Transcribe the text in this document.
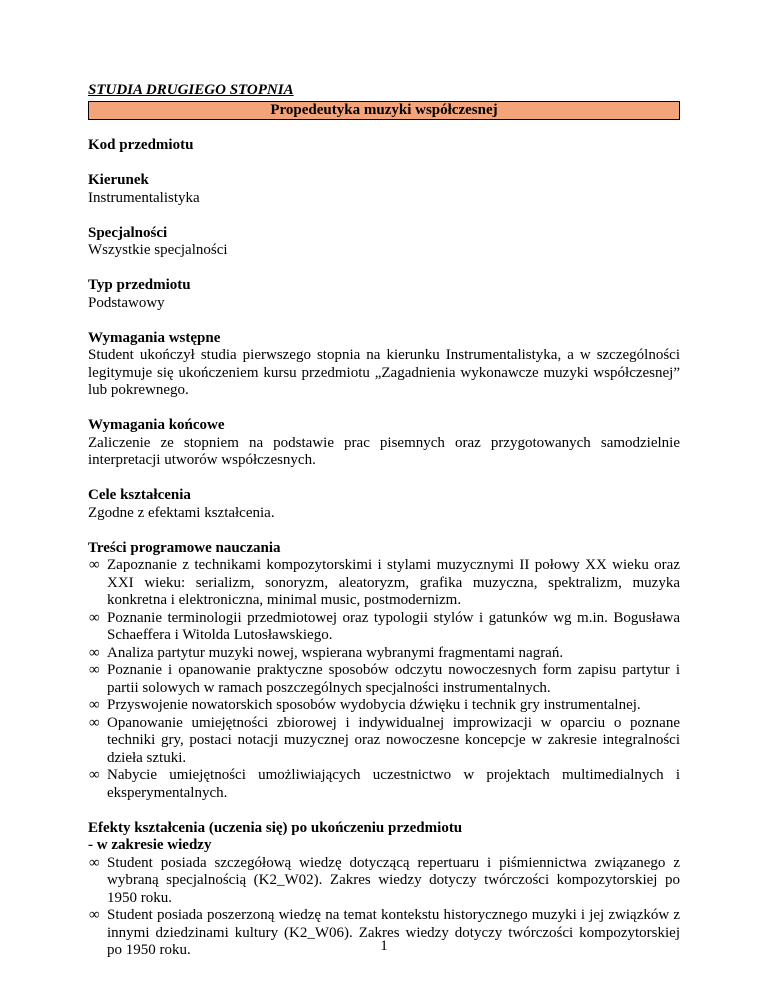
STUDIA DRUGIEGO STOPNIA

Propedeutyka muzyki współczesnej
Kod przedmiotu
Kierunek
Instrumentalistyka
Specjalności
Wszystkie specjalności
Typ przedmiotu
Podstawowy
Wymagania wstępne
Student ukończył studia pierwszego stopnia na kierunku Instrumentalistyka, a w szczególności legitymuje się ukończeniem kursu przedmiotu „Zagadnienia wykonawcze muzyki współczesnej” lub pokrewnego.
Wymagania końcowe
Zaliczenie ze stopniem na podstawie prac pisemnych oraz przygotowanych samodzielnie interpretacji utworów współczesnych.
Cele kształcenia
Zgodne z efektami kształcenia.
Treści programowe nauczania
∞ Zapoznanie z technikami kompozytorskimi i stylami muzycznymi II połowy XX wieku oraz XXI wieku: serializm, sonoryzm, aleatoryzm, grafika muzyczna, spektralizm, muzyka konkretna i elektroniczna, minimal music, postmodernizm.
∞ Poznanie terminologii przedmiotowej oraz typologii stylów i gatunków wg m.in. Bogusława Schaeffera i Witolda Lutosławskiego.
∞ Analiza partytur muzyki nowej, wspierana wybranymi fragmentami nagrań.
∞ Poznanie i opanowanie praktyczne sposobów odczytu nowoczesnych form zapisu partytur i partii solowych w ramach poszczególnych specjalności instrumentalnych.
∞ Przyswojenie nowatorskich sposobów wydobycia dźwięku i technik gry instrumentalnej.
∞ Opanowanie umiejętności zbiorowej i indywidualnej improwizacji w oparciu o poznane techniki gry, postaci notacji muzycznej oraz nowoczesne koncepcje w zakresie integralności dzieła sztuki.
∞ Nabycie umiejętności umożliwiających uczestnictwo w projektach multimedialnych i eksperymentalnych.
Efekty kształcenia (uczenia się) po ukończeniu przedmiotu
- w zakresie wiedzy
∞ Student posiada szczegółową wiedzę dotyczącą repertuaru i piśmiennictwa związanego z wybraną specjalnością (K2_W02). Zakres wiedzy dotyczy twórczości kompozytorskiej po 1950 roku.
∞ Student posiada poszerzoną wiedzę na temat kontekstu historycznego muzyki i jej związków z innymi dziedzinami kultury (K2_W06). Zakres wiedzy dotyczy twórczości kompozytorskiej po 1950 roku.	1
